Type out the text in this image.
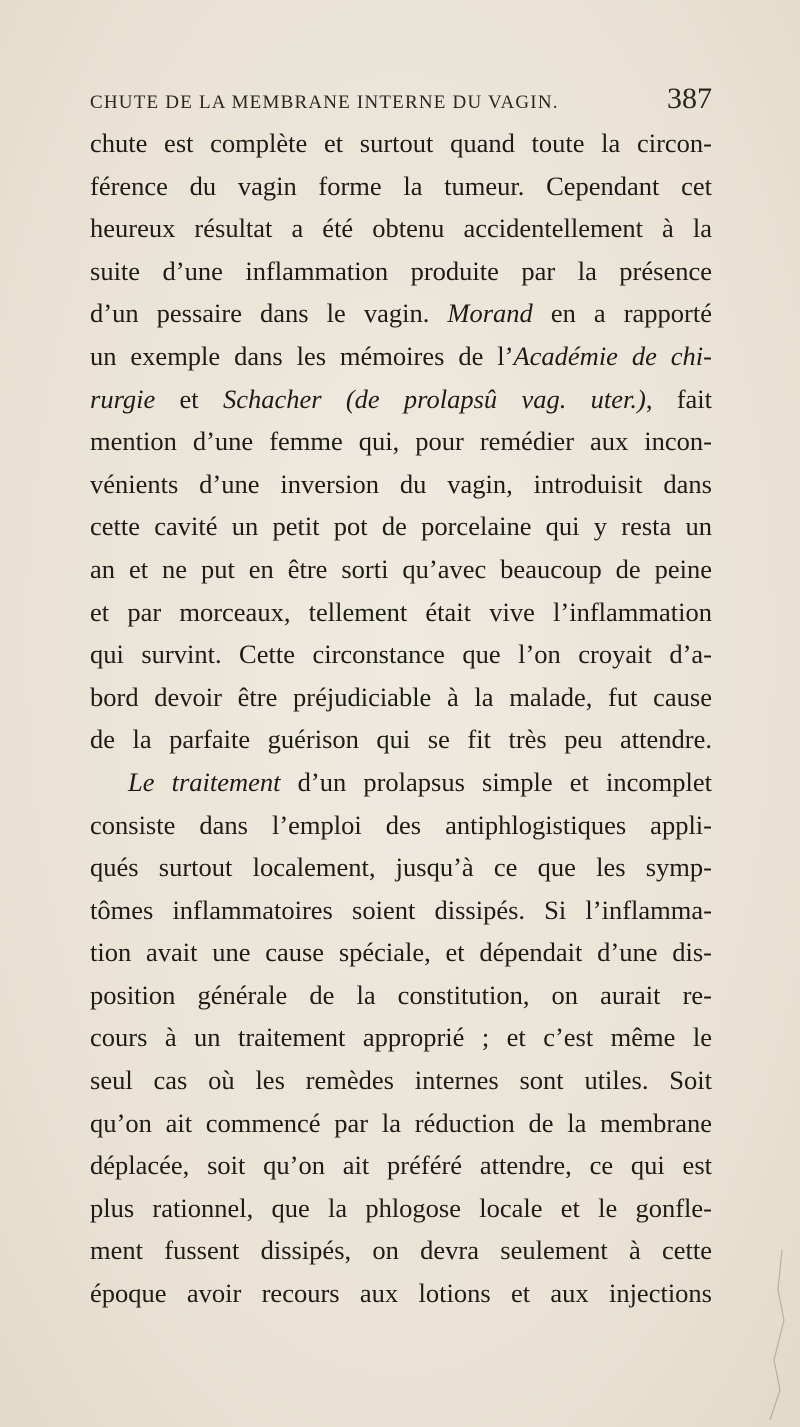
CHUTE DE LA MEMBRANE INTERNE DU VAGIN.	387
chute est complète et surtout quand toute la circon-
férence du vagin forme la tumeur. Cependant cet
heureux résultat a été obtenu accidentellement à la
suite d’une inflammation produite par la présence
d’un pessaire dans le vagin. Morand en a rapporté
un exemple dans les mémoires de l’Académie de chi-
rurgie et Schacher (de prolapsû vag. uter.), fait
mention d’une femme qui, pour remédier aux incon-
vénients d’une inversion du vagin, introduisit dans
cette cavité un petit pot de porcelaine qui y resta un
an et ne put en être sorti qu’avec beaucoup de peine
et par morceaux, tellement était vive l’inflammation
qui survint. Cette circonstance que l’on croyait d’a-
bord devoir être préjudiciable à la malade, fut cause
de la parfaite guérison qui se fit très peu attendre.
Le traitement d’un prolapsus simple et incomplet
consiste dans l’emploi des antiphlogistiques appli-
qués surtout localement, jusqu’à ce que les symp-
tômes inflammatoires soient dissipés. Si l’inflamma-
tion avait une cause spéciale, et dépendait d’une dis-
position générale de la constitution, on aurait re-
cours à un traitement approprié ; et c’est même le
seul cas où les remèdes internes sont utiles. Soit
qu’on ait commencé par la réduction de la membrane
déplacée, soit qu’on ait préféré attendre, ce qui est
plus rationnel, que la phlogose locale et le gonfle-
ment fussent dissipés, on devra seulement à cette
époque avoir recours aux lotions et aux injections
